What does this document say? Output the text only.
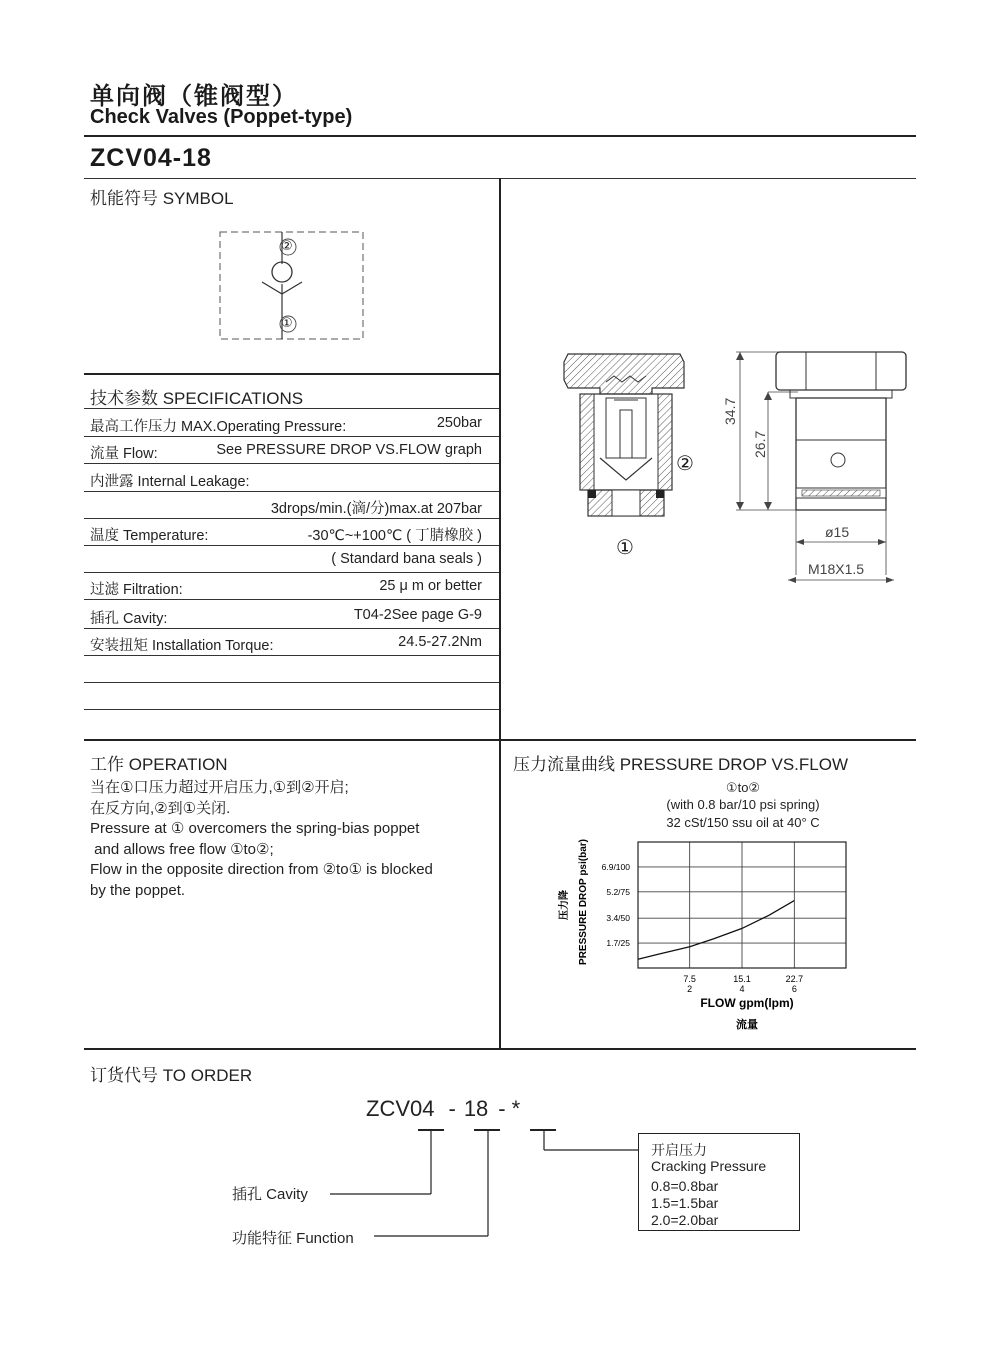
单向阀（锥阀型）
Check Valves (Poppet-type)
ZCV04-18
机能符号 SYMBOL
②
①
②
①
34.7
26.7
ø15
M18X1.5
技术参数 SPECIFICATIONS
最高工作压力 MAX.Operating Pressure:	250bar
流量 Flow:	See PRESSURE DROP VS.FLOW graph
内泄露 Internal Leakage:
3drops/min.(滴/分)max.at 207bar
温度 Temperature:	-30℃~+100℃ ( 丁腈橡胶 )
( Standard bana seals )
过滤 Filtration:	25 μ m or better
插孔 Cavity:	T04-2See page G-9
安装扭矩 Installation Torque:	24.5-27.2Nm
工作 OPERATION
当在①口压力超过开启压力,①到②开启;
在反方向,②到①关闭.
Pressure at ① overcomers the spring-bias poppet
and allows free flow ①to②;
Flow in the opposite direction from ②to① is blocked
by the poppet.
压力流量曲线 PRESSURE DROP VS.FLOW
①to②
(with 0.8 bar/10 psi spring)
32 cSt/150 ssu oil at 40° C
1.7/25
3.4/50
5.2/75
6.9/100
7.5
2
15.1
4
22.7
6
压力降 PRESSURE DROP psi(bar)
FLOW gpm(lpm)
流量
订货代号 TO ORDER
ZCV04 - 18 - *
插孔 Cavity
功能特征 Function
开启压力
Cracking Pressure
0.8=0.8bar
1.5=1.5bar
2.0=2.0bar
